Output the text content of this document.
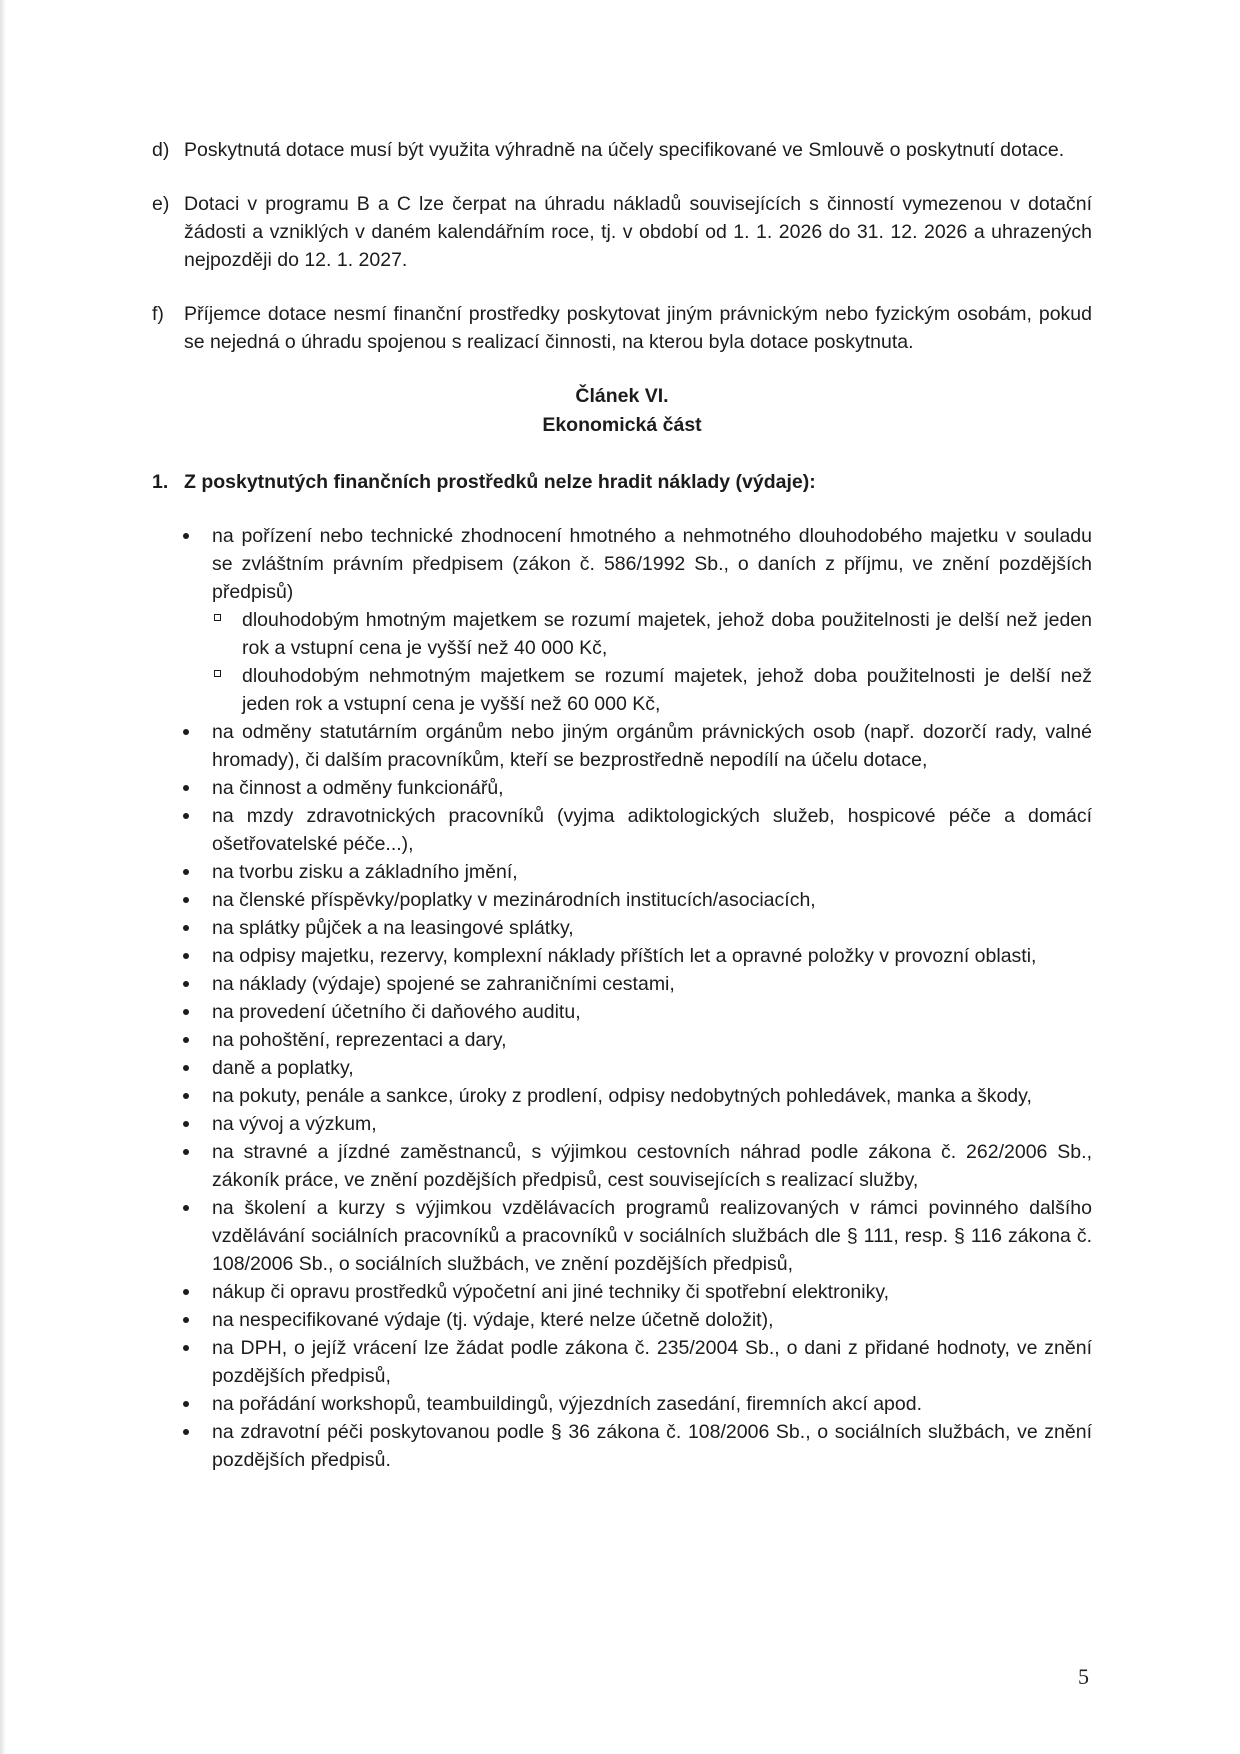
d) Poskytnutá dotace musí být využita výhradně na účely specifikované ve Smlouvě o poskytnutí dotace.
e) Dotaci v programu B a C lze čerpat na úhradu nákladů souvisejících s činností vymezenou v dotační žádosti a vzniklých v daném kalendářním roce, tj. v období od 1. 1. 2026 do 31. 12. 2026 a uhrazených nejpozději do 12. 1. 2027.
f) Příjemce dotace nesmí finanční prostředky poskytovat jiným právnickým nebo fyzickým osobám, pokud se nejedná o úhradu spojenou s realizací činnosti, na kterou byla dotace poskytnuta.
Článek VI.
Ekonomická část
1. Z poskytnutých finančních prostředků nelze hradit náklady (výdaje):
na pořízení nebo technické zhodnocení hmotného a nehmotného dlouhodobého majetku v souladu se zvláštním právním předpisem (zákon č. 586/1992 Sb., o daních z příjmu, ve znění pozdějších předpisů)
dlouhodobým hmotným majetkem se rozumí majetek, jehož doba použitelnosti je delší než jeden rok a vstupní cena je vyšší než 40 000 Kč,
dlouhodobým nehmotným majetkem se rozumí majetek, jehož doba použitelnosti je delší než jeden rok a vstupní cena je vyšší než 60 000 Kč,
na odměny statutárním orgánům nebo jiným orgánům právnických osob (např. dozorčí rady, valné hromady), či dalším pracovníkům, kteří se bezprostředně nepodílí na účelu dotace,
na činnost a odměny funkcionářů,
na mzdy zdravotnických pracovníků (vyjma adiktologických služeb, hospicové péče a domácí ošetřovatelské péče...),
na tvorbu zisku a základního jmění,
na členské příspěvky/poplatky v mezinárodních institucích/asociacích,
na splátky půjček a na leasingové splátky,
na odpisy majetku, rezervy, komplexní náklady příštích let a opravné položky v provozní oblasti,
na náklady (výdaje) spojené se zahraničními cestami,
na provedení účetního či daňového auditu,
na pohoštění, reprezentaci a dary,
daně a poplatky,
na pokuty, penále a sankce, úroky z prodlení, odpisy nedobytných pohledávek, manka a škody,
na vývoj a výzkum,
na stravné a jízdné zaměstnanců, s výjimkou cestovních náhrad podle zákona č. 262/2006 Sb., zákoník práce, ve znění pozdějších předpisů, cest souvisejících s realizací služby,
na školení a kurzy s výjimkou vzdělávacích programů realizovaných v rámci povinného dalšího vzdělávání sociálních pracovníků a pracovníků v sociálních službách dle § 111, resp. § 116 zákona č. 108/2006 Sb., o sociálních službách, ve znění pozdějších předpisů,
nákup či opravu prostředků výpočetní ani jiné techniky či spotřební elektroniky,
na nespecifikované výdaje (tj. výdaje, které nelze účetně doložit),
na DPH, o jejíž vrácení lze žádat podle zákona č. 235/2004 Sb., o dani z přidané hodnoty, ve znění pozdějších předpisů,
na pořádání workshopů, teambuildingů, výjezdních zasedání, firemních akcí apod.
na zdravotní péči poskytovanou podle § 36 zákona č. 108/2006 Sb., o sociálních službách, ve znění pozdějších předpisů.
5
